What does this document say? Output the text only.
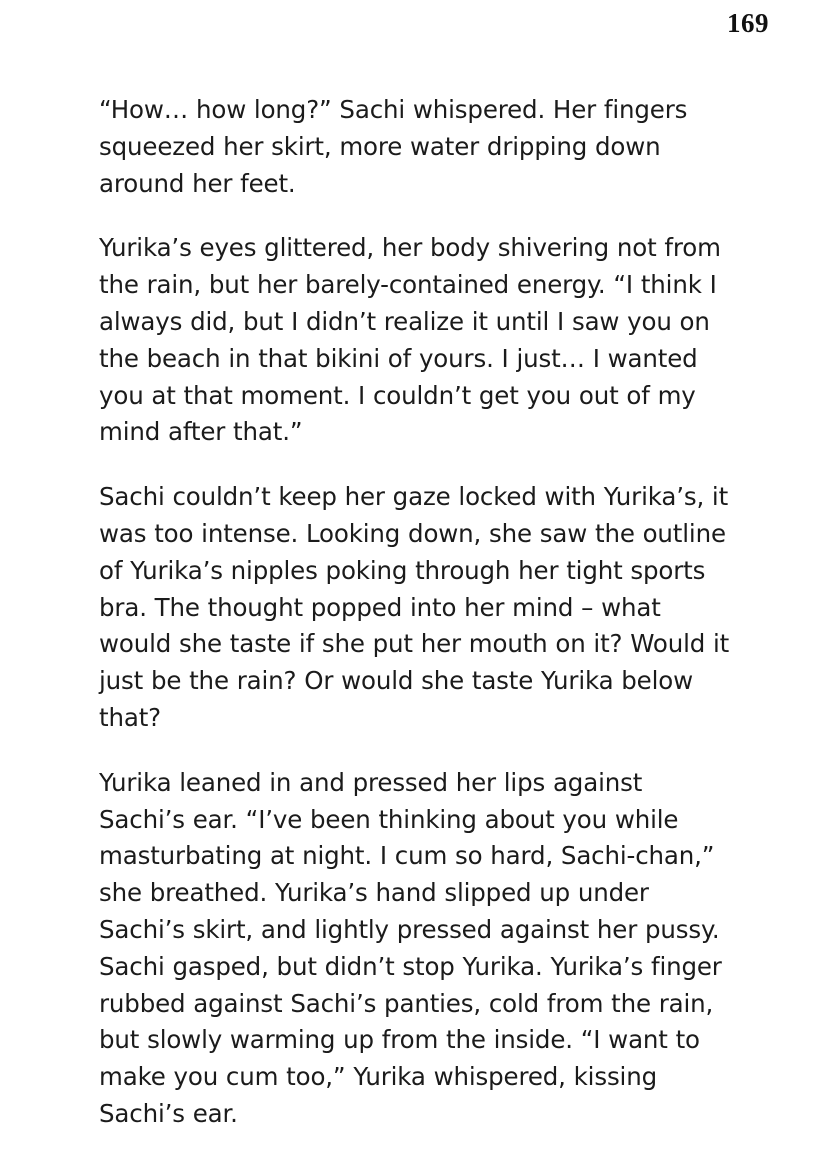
169

“How… how long?” Sachi whispered. Her fingers squeezed her skirt, more water dripping down around her feet.

Yurika’s eyes glittered, her body shivering not from the rain, but her barely-contained energy. “I think I always did, but I didn’t realize it until I saw you on the beach in that bikini of yours. I just… I wanted you at that moment. I couldn’t get you out of my mind after that.”

Sachi couldn’t keep her gaze locked with Yurika’s, it was too intense. Looking down, she saw the outline of Yurika’s nipples poking through her tight sports bra. The thought popped into her mind – what would she taste if she put her mouth on it? Would it just be the rain? Or would she taste Yurika below that?

Yurika leaned in and pressed her lips against Sachi’s ear. “I’ve been thinking about you while masturbating at night. I cum so hard, Sachi-chan,” she breathed. Yurika’s hand slipped up under Sachi’s skirt, and lightly pressed against her pussy. Sachi gasped, but didn’t stop Yurika. Yurika’s finger rubbed against Sachi’s panties, cold from the rain, but slowly warming up from the inside. “I want to make you cum too,” Yurika whispered, kissing Sachi’s ear.
